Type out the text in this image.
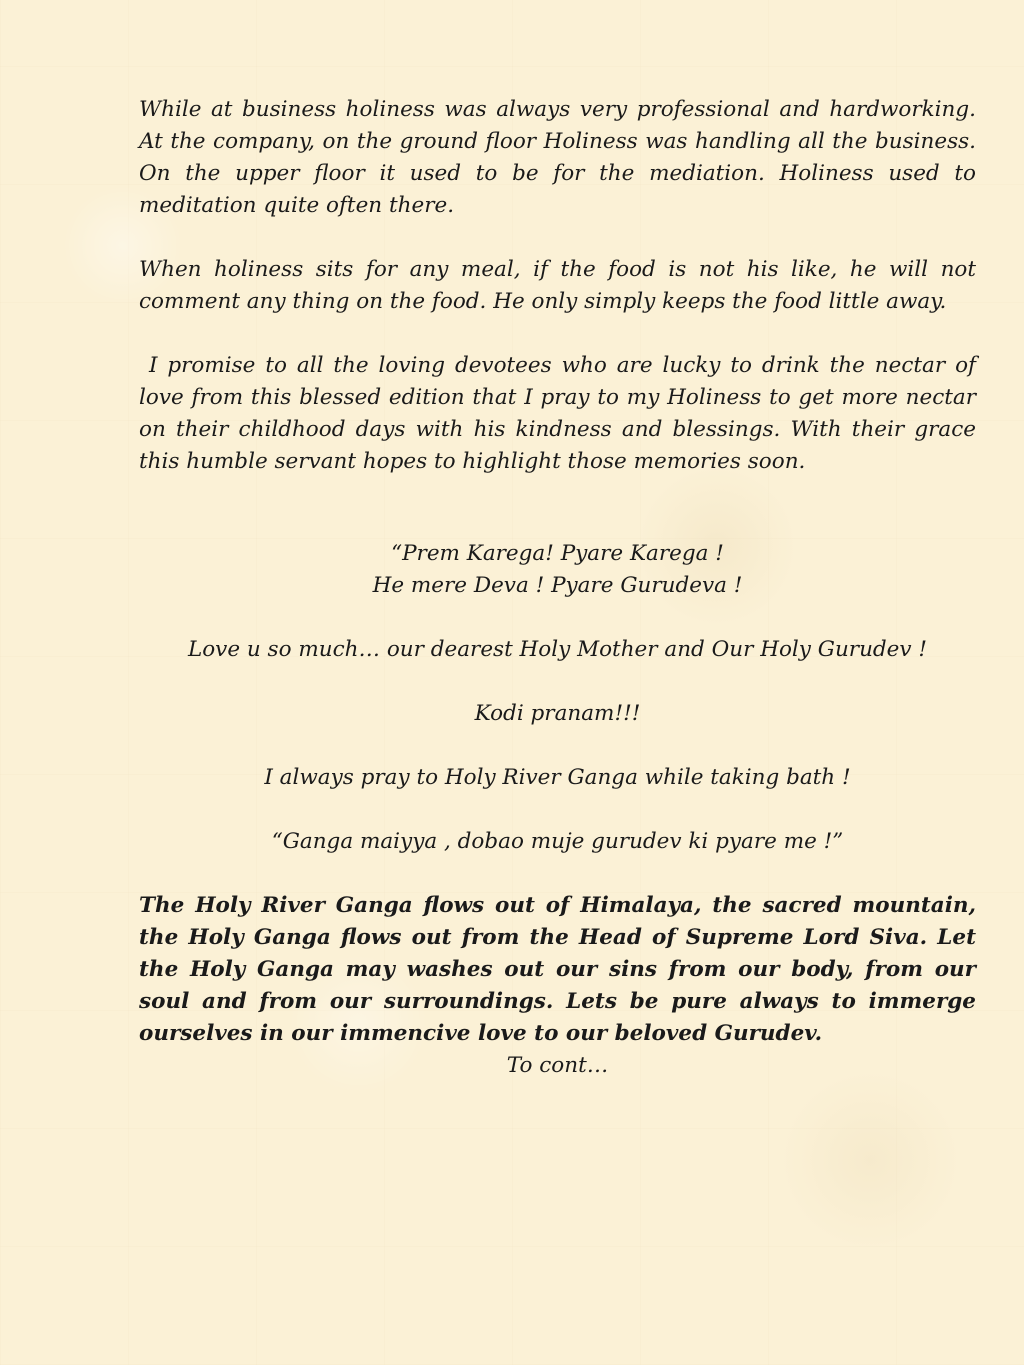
While at business holiness was always very professional and hardworking. At the company, on the ground floor Holiness was handling all the business. On the upper floor it used to be for the mediation. Holiness used to meditation quite often there.

When holiness sits for any meal, if the food is not his like, he will not comment any thing on the food. He only simply keeps the food little away.

I promise to all the loving devotees who are lucky to drink the nectar of love from this blessed edition that I pray to my Holiness to get more nectar on their childhood days with his kindness and blessings. With their grace this humble servant hopes to highlight those memories soon.

“Prem Karega! Pyare Karega !

He mere Deva ! Pyare Gurudeva !

Love u so much… our dearest Holy Mother and Our Holy Gurudev !

Kodi pranam!!!

I always pray to Holy River Ganga while taking bath !

“Ganga maiyya , dobao muje gurudev ki pyare me !”

The Holy River Ganga flows out of Himalaya, the sacred mountain, the Holy Ganga flows out from the Head of Supreme Lord Siva. Let the Holy Ganga may washes out our sins from our body, from our soul and from our surroundings. Lets be pure always to immerge ourselves in our immencive love to our beloved Gurudev.

To cont…
